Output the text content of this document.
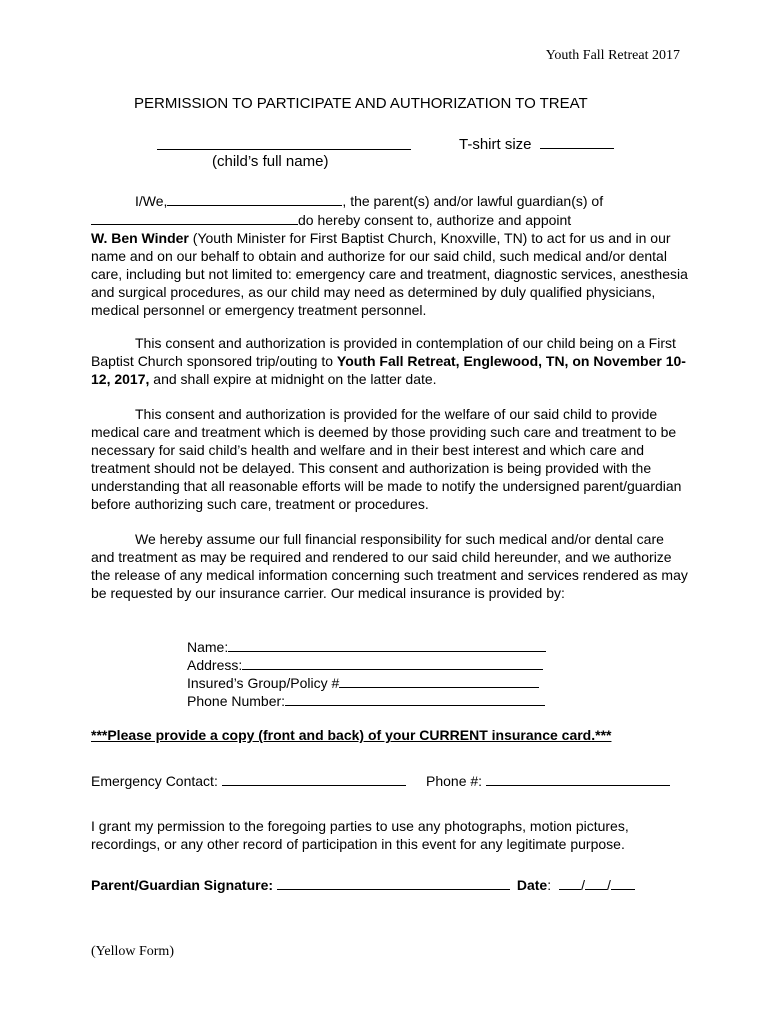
Youth Fall Retreat 2017
PERMISSION TO PARTICIPATE AND AUTHORIZATION TO TREAT
(child’s full name)
T-shirt size
I/We,	, the parent(s) and/or lawful guardian(s) of
do hereby consent to, authorize and appoint
W. Ben Winder (Youth Minister for First Baptist Church, Knoxville, TN) to act for us and in our name and on our behalf to obtain and authorize for our said child, such medical and/or dental care, including but not limited to: emergency care and treatment, diagnostic services, anesthesia and surgical procedures, as our child may need as determined by duly qualified physicians, medical personnel or emergency treatment personnel.
This consent and authorization is provided in contemplation of our child being on a First Baptist Church sponsored trip/outing to Youth Fall Retreat, Englewood, TN, on November 10-12, 2017, and shall expire at midnight on the latter date.
This consent and authorization is provided for the welfare of our said child to provide medical care and treatment which is deemed by those providing such care and treatment to be necessary for said child’s health and welfare and in their best interest and which care and treatment should not be delayed. This consent and authorization is being provided with the understanding that all reasonable efforts will be made to notify the undersigned parent/guardian before authorizing such care, treatment or procedures.
We hereby assume our full financial responsibility for such medical and/or dental care and treatment as may be required and rendered to our said child hereunder, and we authorize the release of any medical information concerning such treatment and services rendered as may be requested by our insurance carrier. Our medical insurance is provided by:
Name:
Address:
Insured’s Group/Policy #
Phone Number:
***Please provide a copy (front and back) of your CURRENT insurance card.***
Emergency Contact:	Phone #:
I grant my permission to the foregoing parties to use any photographs, motion pictures, recordings, or any other record of participation in this event for any legitimate purpose.
Parent/Guardian Signature:	Date: / /
(Yellow Form)
